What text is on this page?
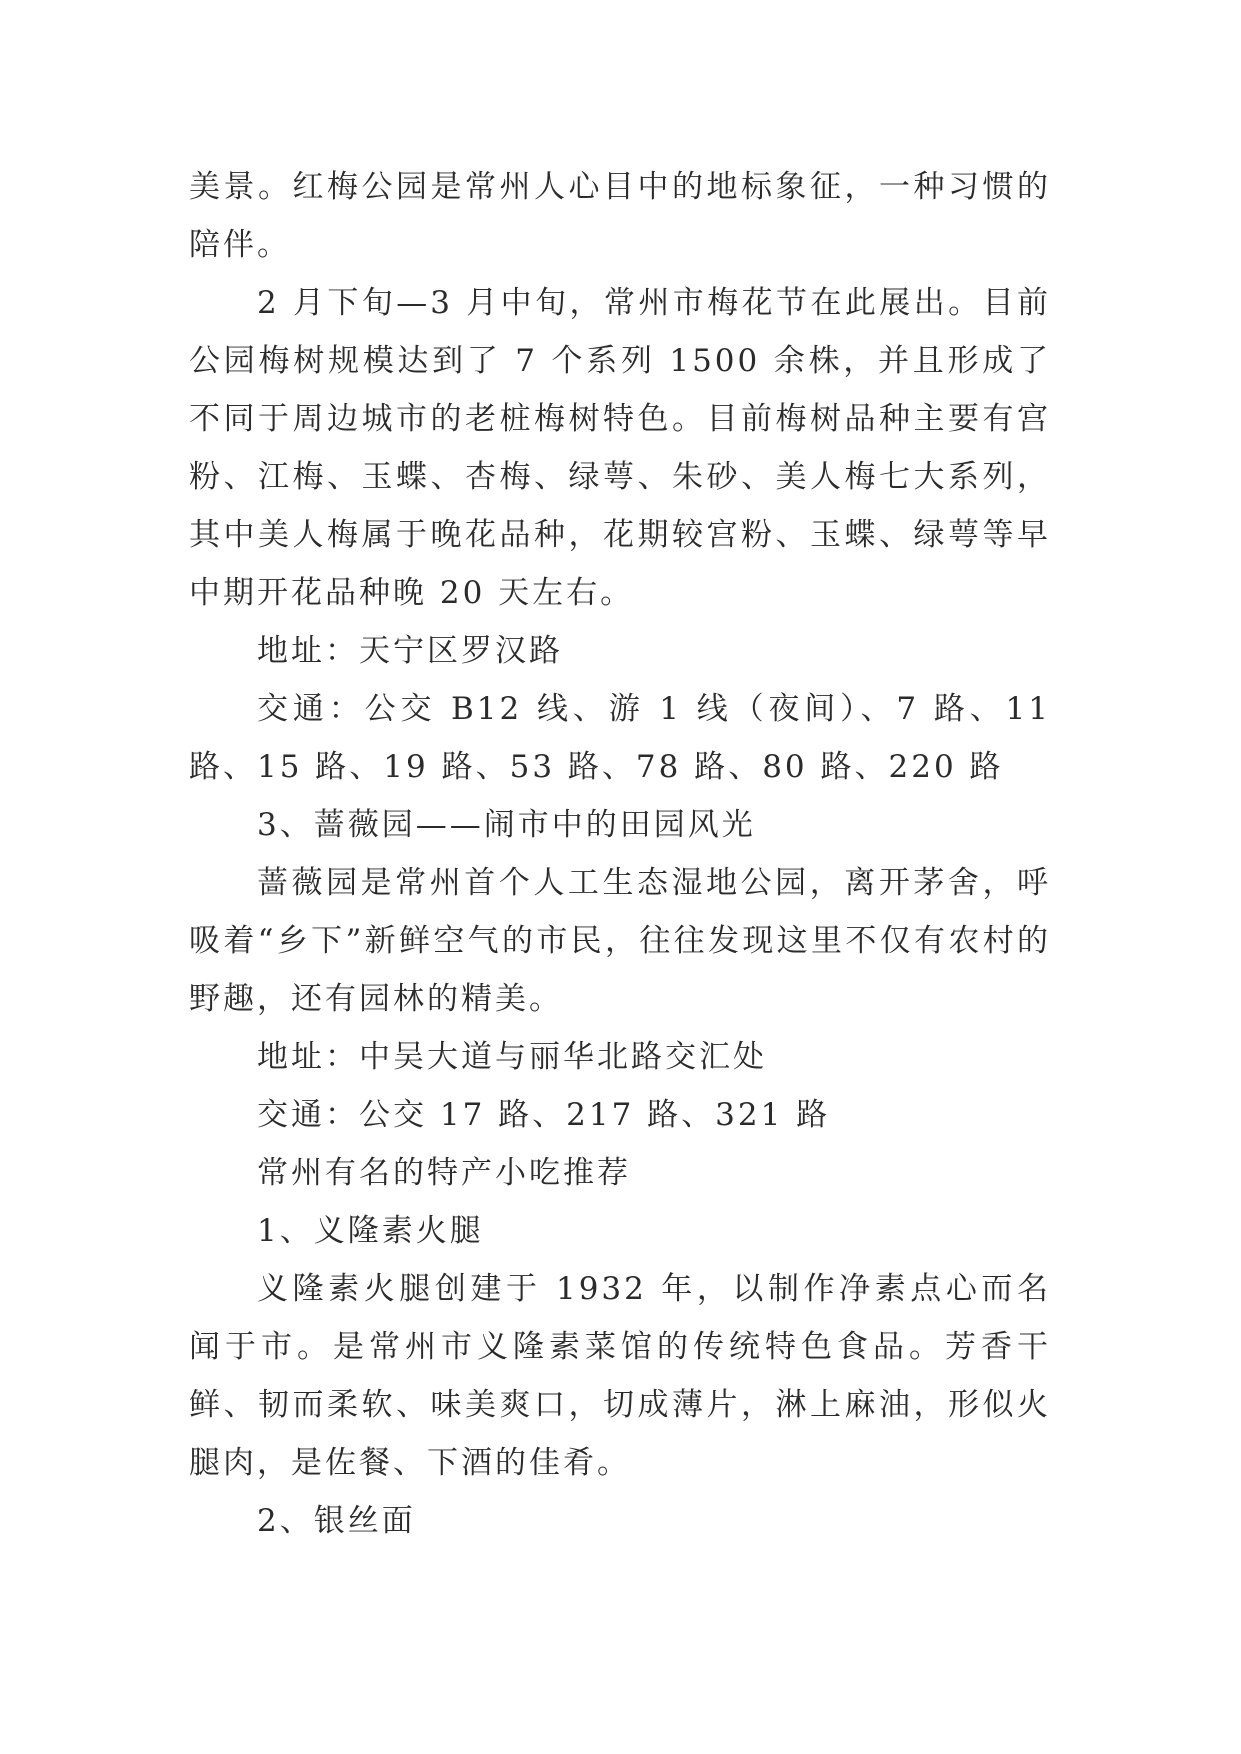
美景。红梅公园是常州人心目中的地标象征，一种习惯的陪伴。

2 月下旬—3 月中旬，常州市梅花节在此展出。目前公园梅树规模达到了 7 个系列 1500 余株，并且形成了不同于周边城市的老桩梅树特色。目前梅树品种主要有宫粉、江梅、玉蝶、杏梅、绿萼、朱砂、美人梅七大系列，其中美人梅属于晚花品种，花期较宫粉、玉蝶、绿萼等早中期开花品种晚 20 天左右。

地址：天宁区罗汉路

交通：公交 B12 线、游 1 线（夜间）、7 路、11 路、15 路、19 路、53 路、78 路、80 路、220 路

3、蔷薇园——闹市中的田园风光

蔷薇园是常州首个人工生态湿地公园，离开茅舍，呼吸着“乡下”新鲜空气的市民，往往发现这里不仅有农村的野趣，还有园林的精美。

地址：中吴大道与丽华北路交汇处

交通：公交 17 路、217 路、321 路

常州有名的特产小吃推荐

1、义隆素火腿

义隆素火腿创建于 1932 年，以制作净素点心而名闻于市。是常州市义隆素菜馆的传统特色食品。芳香干鲜、韧而柔软、味美爽口，切成薄片，淋上麻油，形似火腿肉，是佐餐、下酒的佳肴。

2、银丝面
